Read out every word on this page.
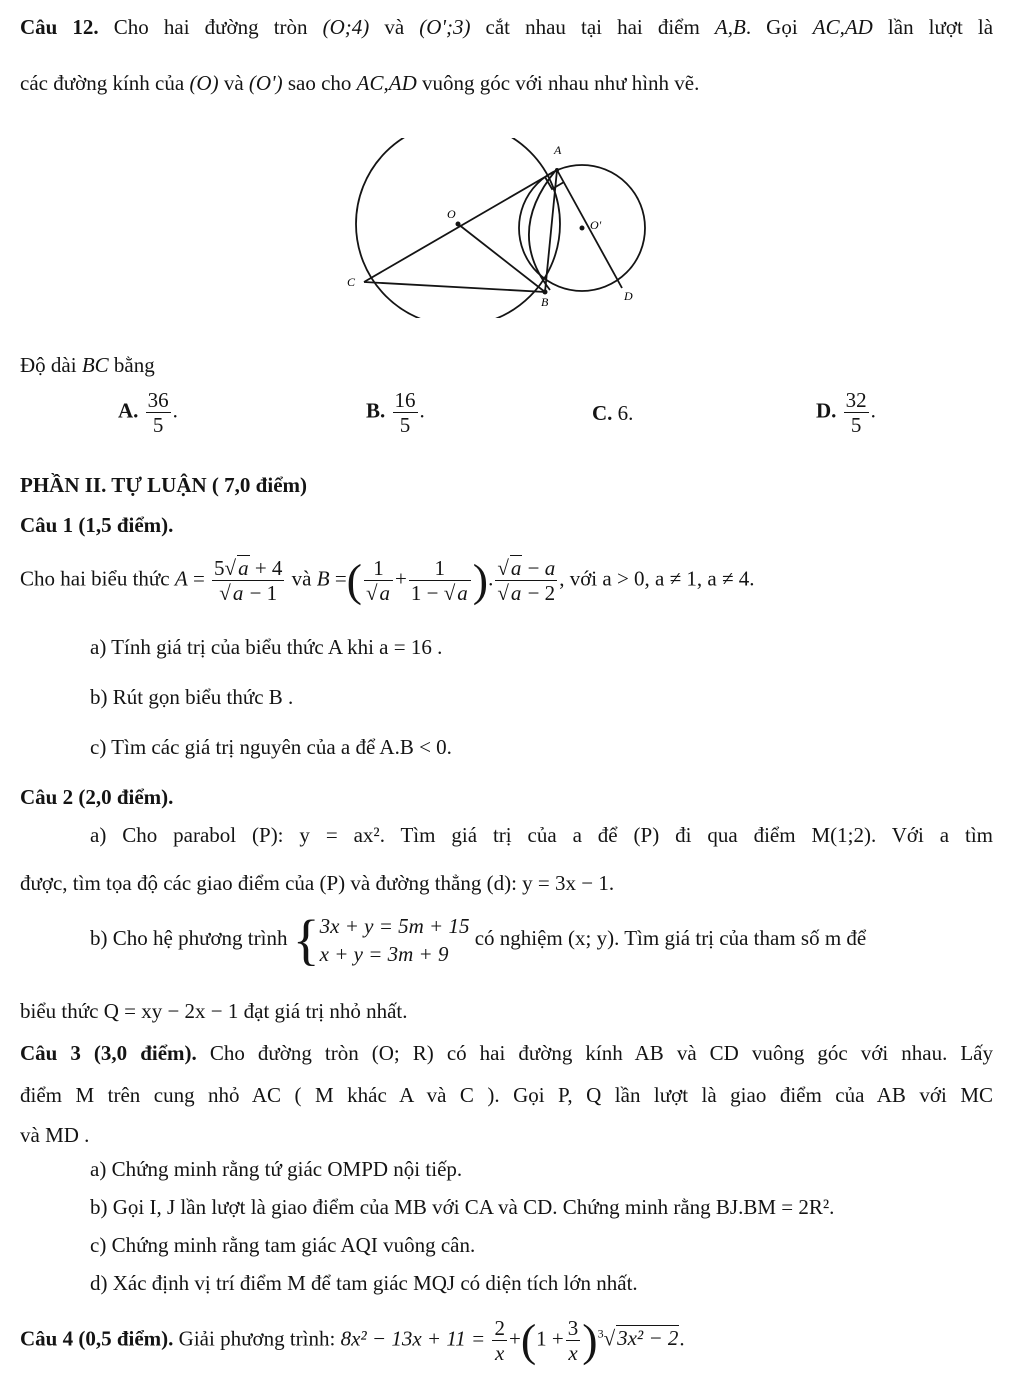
Câu 12. Cho hai đường tròn (O;4) và (O';3) cắt nhau tại hai điểm A,B. Gọi AC,AD lần lượt là

các đường kính của (O) và (O') sao cho AC,AD vuông góc với nhau như hình vẽ.

A
O
O'
C
B	D

Độ dài BC bằng

A. $\frac{36}{5}$ .	B. $\frac{16}{5}$ .	C. 6.	D. $\frac{32}{5}$ .

PHẦN II. TỰ LUẬN ( 7,0 điểm)

Câu 1 (1,5 điểm).

Cho hai biểu thức $A = \frac{5√a + 4}{√a - 1}$ và B =( $\frac{1}{√a} + \frac{1}{1 - √a}$ ). $\frac{√a - a}{√a - 2}$ , với a > 0, a ≠ 1, a ≠ 4.

a) Tính giá trị của biểu thức A khi a = 16 .

b) Rút gọn biểu thức B .

c) Tìm các giá trị nguyên của a để A.B < 0.

Câu 2 (2,0 điểm).

a) Cho parabol (P): y = ax². Tìm giá trị của a để (P) đi qua điểm M(1;2). Với a tìm

được, tìm tọa độ các giao điểm của (P) và đường thẳng (d): y = 3x − 1.

b) Cho hệ phương trình { 3x + y = 5m + 15
x + y = 3m + 9
có nghiệm (x; y). Tìm giá trị của tham số m để

biểu thức Q = xy − 2x − 1 đạt giá trị nhỏ nhất.

Câu 3 (3,0 điểm). Cho đường tròn (O; R) có hai đường kính AB và CD vuông góc với nhau. Lấy

điểm M trên cung nhỏ AC ( M khác A và C ). Gọi P, Q lần lượt là giao điểm của AB với MC

và MD .

a) Chứng minh rằng tứ giác OMPD nội tiếp.

b) Gọi I, J lần lượt là giao điểm của MB với CA và CD. Chứng minh rằng BJ.BM = 2R².

c) Chứng minh rằng tam giác AQI vuông cân.

d) Xác định vị trí điểm M để tam giác MQJ có diện tích lớn nhất.

Câu 4 (0,5 điểm). Giải phương trình: $8x^2 - 13x + 11 = \frac{2}{x} +(1 + \frac{3}{x} )^3√3x^2 - 2$.
